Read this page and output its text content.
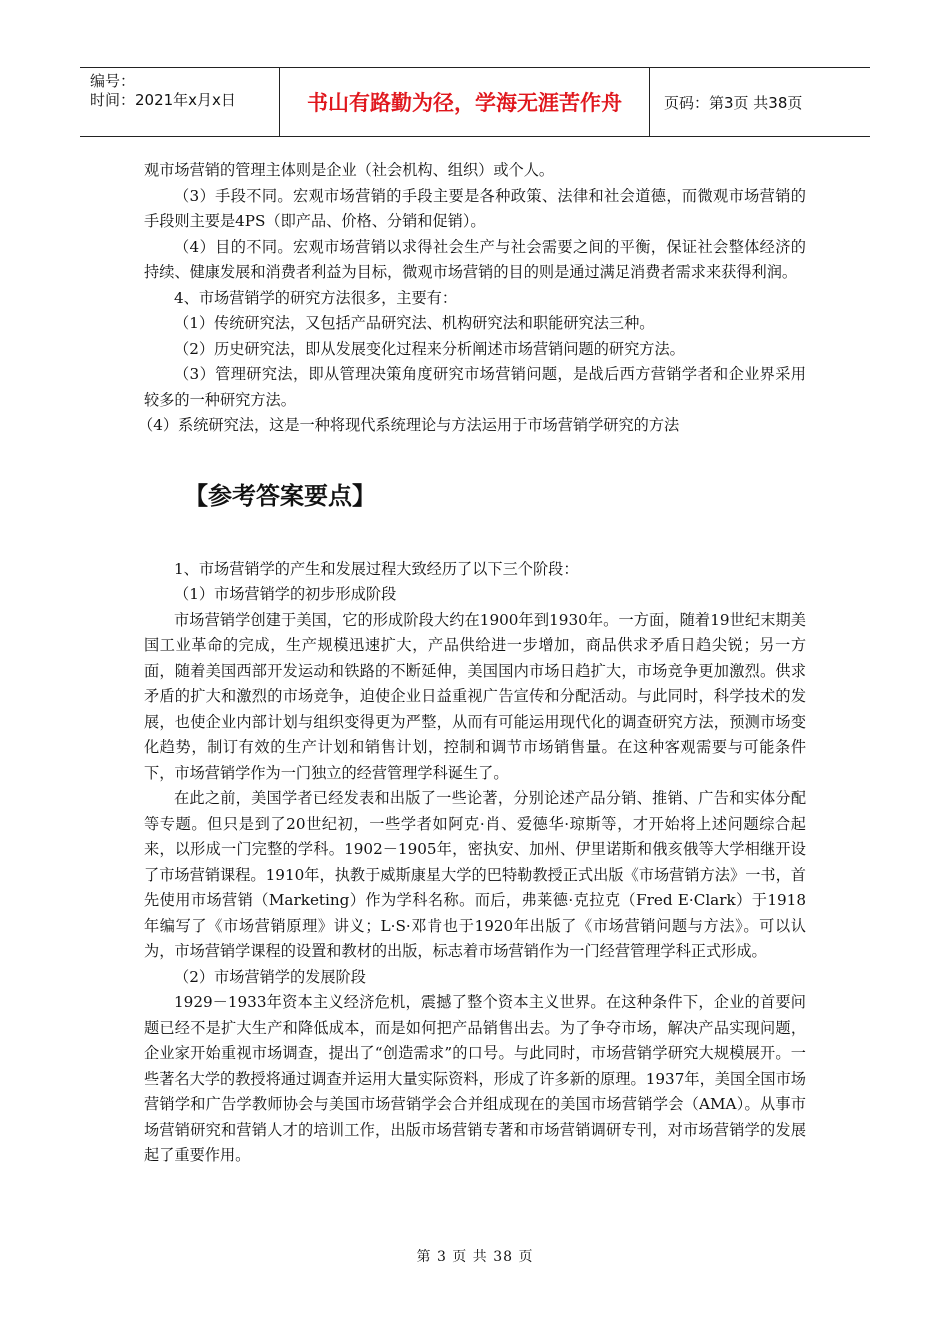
编号：
时间：2021年x月x日	书山有路勤为径，学海无涯苦作舟	页码：第3页 共38页

观市场营销的管理主体则是企业（社会机构、组织）或个人。

（3）手段不同。宏观市场营销的手段主要是各种政策、法律和社会道德，而微观市场营销的手段则主要是4PS（即产品、价格、分销和促销）。

（4）目的不同。宏观市场营销以求得社会生产与社会需要之间的平衡，保证社会整体经济的持续、健康发展和消费者利益为目标，微观市场营销的目的则是通过满足消费者需求来获得利润。

4、市场营销学的研究方法很多，主要有：

（1）传统研究法，又包括产品研究法、机构研究法和职能研究法三种。

（2）历史研究法，即从发展变化过程来分析阐述市场营销问题的研究方法。

（3）管理研究法，即从管理决策角度研究市场营销问题，是战后西方营销学者和企业界采用较多的一种研究方法。

（4）系统研究法，这是一种将现代系统理论与方法运用于市场营销学研究的方法

【参考答案要点】

1、市场营销学的产生和发展过程大致经历了以下三个阶段：

（1）市场营销学的初步形成阶段

市场营销学创建于美国，它的形成阶段大约在1900年到1930年。一方面，随着19世纪末期美国工业革命的完成，生产规模迅速扩大，产品供给进一步增加，商品供求矛盾日趋尖锐；另一方面，随着美国西部开发运动和铁路的不断延伸，美国国内市场日趋扩大，市场竞争更加激烈。供求矛盾的扩大和激烈的市场竞争，迫使企业日益重视广告宣传和分配活动。与此同时，科学技术的发展，也使企业内部计划与组织变得更为严整，从而有可能运用现代化的调查研究方法，预测市场变化趋势，制订有效的生产计划和销售计划，控制和调节市场销售量。在这种客观需要与可能条件下，市场营销学作为一门独立的经营管理学科诞生了。

在此之前，美国学者已经发表和出版了一些论著，分别论述产品分销、推销、广告和实体分配等专题。但只是到了20世纪初，一些学者如阿克·肖、爱德华·琼斯等，才开始将上述问题综合起来，以形成一门完整的学科。1902－1905年，密执安、加州、伊里诺斯和俄亥俄等大学相继开设了市场营销课程。1910年，执教于威斯康星大学的巴特勒教授正式出版《市场营销方法》一书，首先使用市场营销（Marketing）作为学科名称。而后，弗莱德·克拉克（Fred E·Clark）于1918年编写了《市场营销原理》讲义；L·S·邓肯也于1920年出版了《市场营销问题与方法》。可以认为，市场营销学课程的设置和教材的出版，标志着市场营销作为一门经营管理学科正式形成。

（2）市场营销学的发展阶段

1929－1933年资本主义经济危机，震撼了整个资本主义世界。在这种条件下，企业的首要问题已经不是扩大生产和降低成本，而是如何把产品销售出去。为了争夺市场，解决产品实现问题，企业家开始重视市场调查，提出了“创造需求”的口号。与此同时，市场营销学研究大规模展开。一些著名大学的教授将通过调查并运用大量实际资料，形成了许多新的原理。1937年，美国全国市场营销学和广告学教师协会与美国市场营销学会合并组成现在的美国市场营销学会（AMA）。从事市场营销研究和营销人才的培训工作，出版市场营销专著和市场营销调研专刊，对市场营销学的发展起了重要作用。

第 3 页 共 38 页
